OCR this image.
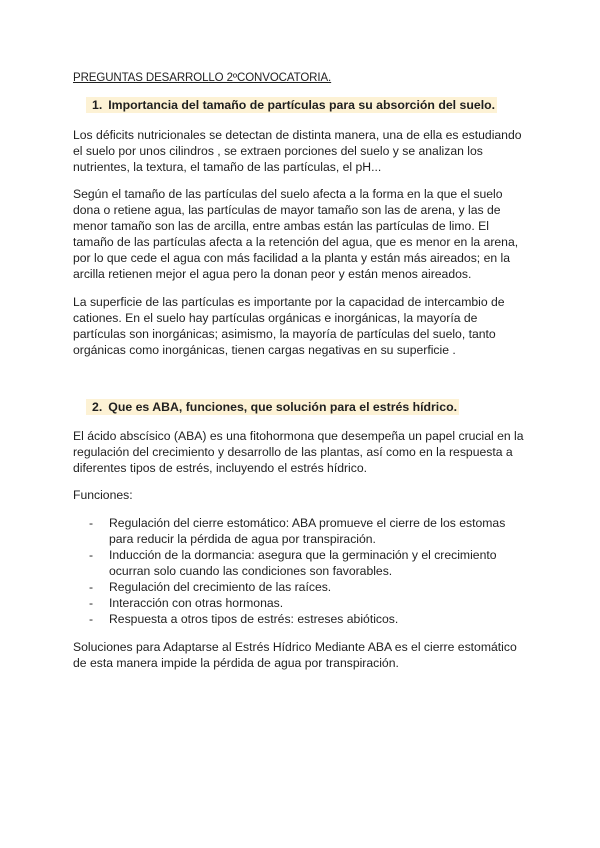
PREGUNTAS DESARROLLO 2ºCONVOCATORIA.
1. Importancia del tamaño de partículas para su absorción del suelo.
Los déficits nutricionales se detectan de distinta manera, una de ella es estudiando
el suelo por unos cilindros , se extraen porciones del suelo y se analizan los
nutrientes, la textura, el tamaño de las partículas, el pH...
Según el tamaño de las partículas del suelo afecta a la forma en la que el suelo
dona o retiene agua, las partículas de mayor tamaño son las de arena, y las de
menor tamaño son las de arcilla, entre ambas están las partículas de limo. El
tamaño de las partículas afecta a la retención del agua, que es menor en la arena,
por lo que cede el agua con más facilidad a la planta y están más aireados; en la
arcilla retienen mejor el agua pero la donan peor y están menos aireados.
La superficie de las partículas es importante por la capacidad de intercambio de
cationes. En el suelo hay partículas orgánicas e inorgánicas, la mayoría de
partículas son inorgánicas; asimismo, la mayoría de partículas del suelo, tanto
orgánicas como inorgánicas, tienen cargas negativas en su superficie .
2. Que es ABA, funciones, que solución para el estrés hídrico.
El ácido abscísico (ABA) es una fitohormona que desempeña un papel crucial en la
regulación del crecimiento y desarrollo de las plantas, así como en la respuesta a
diferentes tipos de estrés, incluyendo el estrés hídrico.
Funciones:
- Regulación del cierre estomático: ABA promueve el cierre de los estomas
para reducir la pérdida de agua por transpiración.
- Inducción de la dormancia: asegura que la germinación y el crecimiento
ocurran solo cuando las condiciones son favorables.
- Regulación del crecimiento de las raíces.
- Interacción con otras hormonas.
- Respuesta a otros tipos de estrés: estreses abióticos.
Soluciones para Adaptarse al Estrés Hídrico Mediante ABA es el cierre estomático
de esta manera impide la pérdida de agua por transpiración.
